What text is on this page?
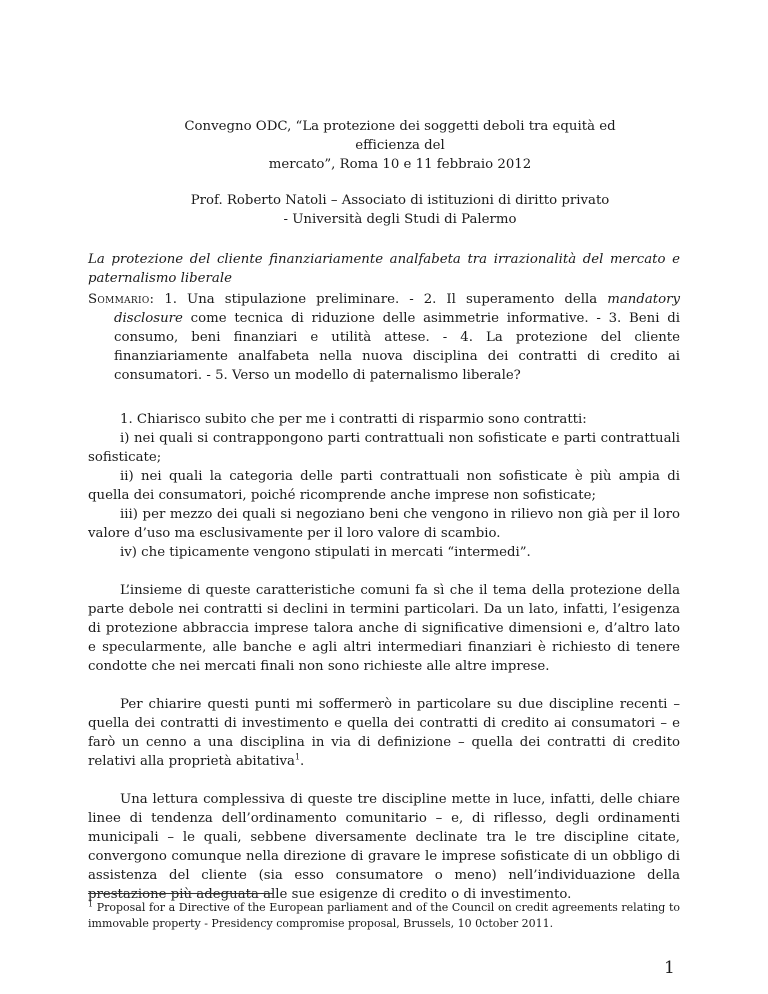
Convegno ODC, “La protezione dei soggetti deboli tra equità ed efficienza del
mercato”, Roma 10 e 11 febbraio 2012
Prof. Roberto Natoli – Associato di istituzioni di diritto privato
- Università degli Studi di Palermo
La protezione del cliente finanziariamente analfabeta tra irrazionalità del mercato e paternalismo liberale
Sommario: 1. Una stipulazione preliminare. - 2. Il superamento della mandatory disclosure come tecnica di riduzione delle asimmetrie informative. - 3. Beni di consumo, beni finanziari e utilità attese. - 4. La protezione del cliente finanziariamente analfabeta nella nuova disciplina dei contratti di credito ai consumatori. - 5. Verso un modello di paternalismo liberale?

1. Chiarisco subito che per me i contratti di risparmio sono contratti:

i) nei quali si contrappongono parti contrattuali non sofisticate e parti contrattuali sofisticate;

ii) nei quali la categoria delle parti contrattuali non sofisticate è più ampia di quella dei consumatori, poiché ricomprende anche imprese non sofisticate;

iii) per mezzo dei quali si negoziano beni che vengono in rilievo non già per il loro valore d’uso ma esclusivamente per il loro valore di scambio.

iv) che tipicamente vengono stipulati in mercati “intermedi”.

L’insieme di queste caratteristiche comuni fa sì che il tema della protezione della parte debole nei contratti si declini in termini particolari. Da un lato, infatti, l’esigenza di protezione abbraccia imprese talora anche di significative dimensioni e, d’altro lato e specularmente, alle banche e agli altri intermediari finanziari è richiesto di tenere condotte che nei mercati finali non sono richieste alle altre imprese.

Per chiarire questi punti mi soffermerò in particolare su due discipline recenti – quella dei contratti di investimento e quella dei contratti di credito ai consumatori – e farò un cenno a una disciplina in via di definizione – quella dei contratti di credito relativi alla proprietà abitativa$^1$.

Una lettura complessiva di queste tre discipline mette in luce, infatti, delle chiare linee di tendenza dell’ordinamento comunitario – e, di riflesso, degli ordinamenti municipali – le quali, sebbene diversamente declinate tra le tre discipline citate, convergono comunque nella direzione di gravare le imprese sofisticate di un obbligo di assistenza del cliente (sia esso consumatore o meno) nell’individuazione della prestazione più adeguata alle sue esigenze di credito o di investimento.

$^1$ Proposal for a Directive of the European parliament and of the Council on credit agreements relating to immovable property - Presidency compromise proposal, Brussels, 10 0ctober 2011.
1
